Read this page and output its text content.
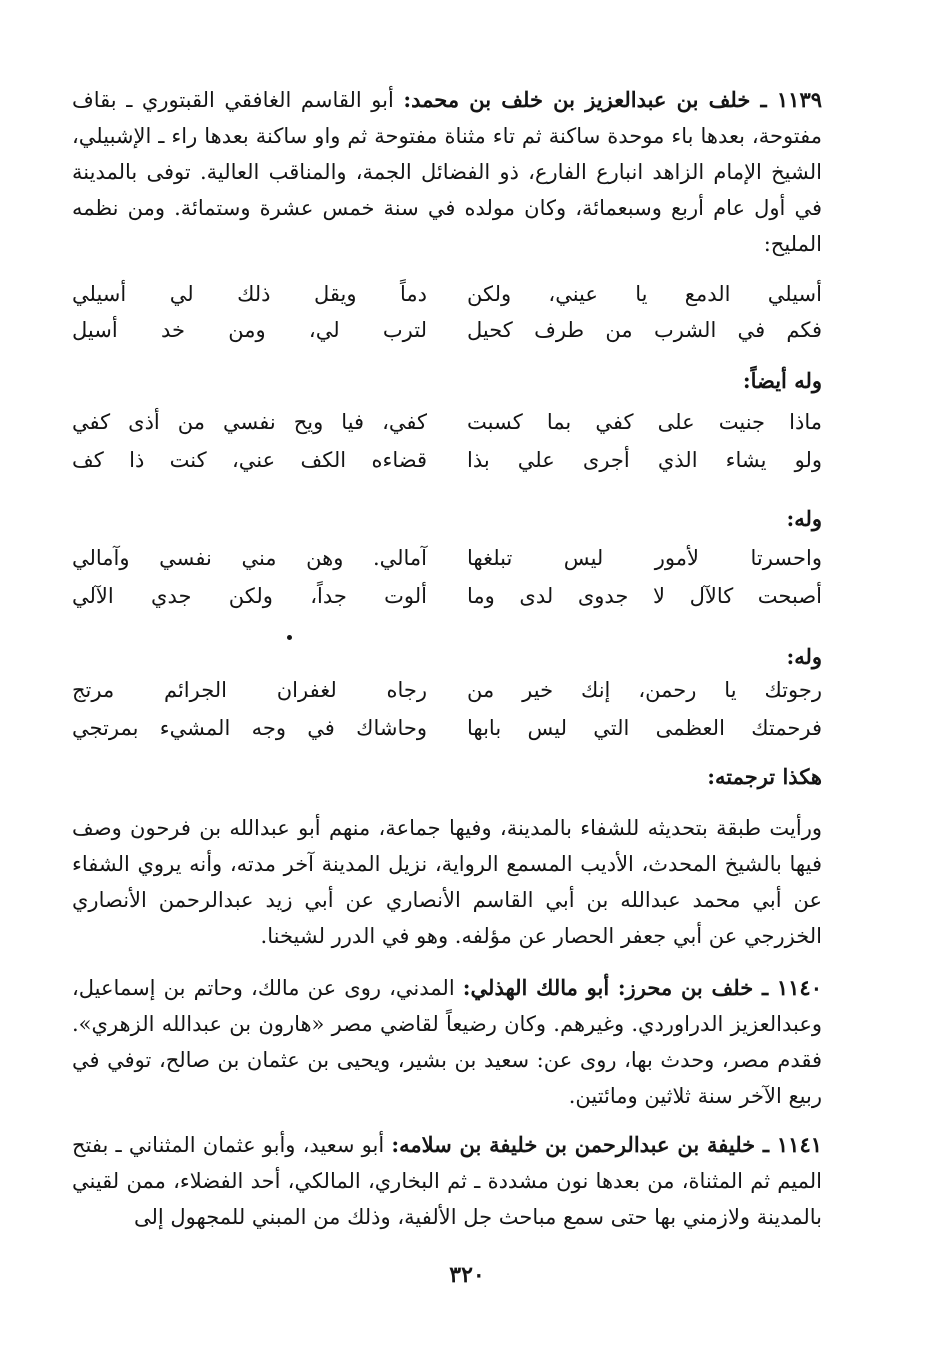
١١٣٩ ـ خلف بن عبدالعزيز بن خلف بن محمد: أبو القاسم الغافقي القبتوري ـ بقاف مفتوحة، بعدها باء موحدة ساكنة ثم تاء مثناة مفتوحة ثم واو ساكنة بعدها راء ـ الإشبيلي، الشيخ الإمام الزاهد انبارع الفارع، ذو الفضائل الجمة، والمناقب العالية. توفى بالمدينة في أول عام أربع وسبعمائة، وكان مولده في سنة خمس عشرة وستمائة. ومن نظمه المليح:
أسيلي الدمع يا عيني، ولكن
دماً ويقل ذلك لي أسيلي
فكم في الشرب من طرف كحيل
لترب لي، ومن خد أسيل
وله أيضاً:
ماذا جنيت على كفي بما كسبت
كفي، فيا ويح نفسي من أذى كفي
ولو يشاء الذي أجرى علي بذا
قضاءه الكف عني، كنت ذا كف
وله:
واحسرتا لأمور ليس تبلغها
آمالي. وهن مني نفسي وآمالي
أصبحت كالآل لا جدوى لدى وما
ألوت جداً، ولكن جدي الآلي
وله:
رجوتك يا رحمن، إنك خير من
رجاه لغفران الجرائم مرتج
فرحمتك العظمى التي ليس بابها
وحاشاك في وجه المشيء بمرتجي
هكذا ترجمته:
ورأيت طبقة بتحديثه للشفاء بالمدينة، وفيها جماعة، منهم أبو عبدالله بن فرحون وصف فيها بالشيخ المحدث، الأديب المسمع الرواية، نزيل المدينة آخر مدته، وأنه يروي الشفاء عن أبي محمد عبدالله بن أبي القاسم الأنصاري عن أبي زيد عبدالرحمن الأنصاري الخزرجي عن أبي جعفر الحصار عن مؤلفه. وهو في الدرر لشيخنا.
١١٤٠ ـ خلف بن محرز: أبو مالك الهذلي: المدني، روى عن مالك، وحاتم بن إسماعيل، وعبدالعزيز الدراوردي. وغيرهم. وكان رضيعاً لقاضي مصر «هارون بن عبدالله الزهري». فقدم مصر، وحدث بها، روى عن: سعيد بن بشير، ويحيى بن عثمان بن صالح، توفي في ربيع الآخر سنة ثلاثين ومائتين.
١١٤١ ـ خليفة بن عبدالرحمن بن خليفة بن سلامه: أبو سعيد، وأبو عثمان المثناني ـ بفتح الميم ثم المثناة، من بعدها نون مشددة ـ ثم البخاري، المالكي، أحد الفضلاء، ممن لقيني بالمدينة ولازمني بها حتى سمع مباحث جل الألفية، وذلك من المبني للمجهول إلى
٣٢٠
